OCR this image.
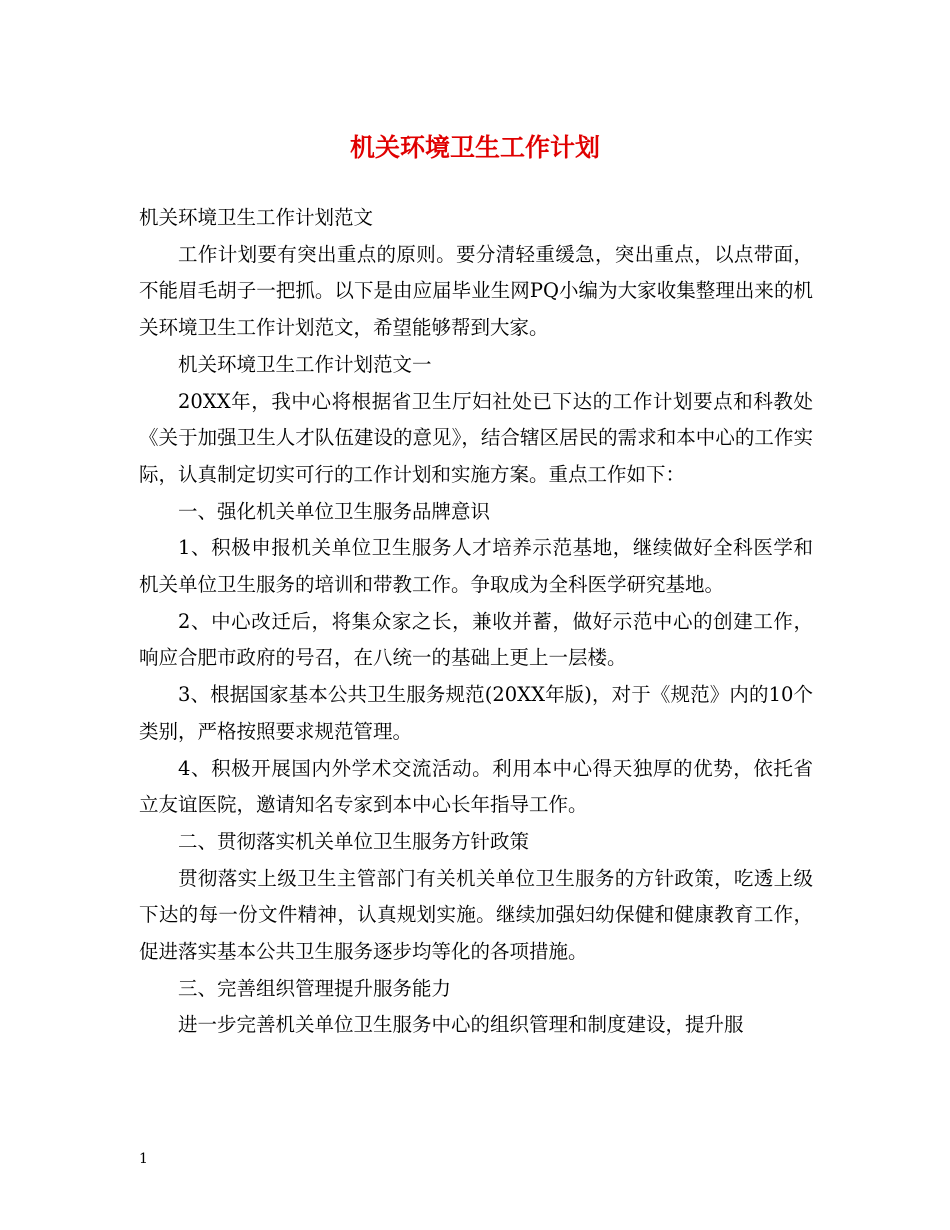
机关环境卫生工作计划

机关环境卫生工作计划范文

工作计划要有突出重点的原则。要分清轻重缓急，突出重点，以点带面，不能眉毛胡子一把抓。以下是由应届毕业生网PQ小编为大家收集整理出来的机关环境卫生工作计划范文，希望能够帮到大家。

机关环境卫生工作计划范文一

20XX年，我中心将根据省卫生厅妇社处已下达的工作计划要点和科教处《关于加强卫生人才队伍建设的意见》，结合辖区居民的需求和本中心的工作实际，认真制定切实可行的工作计划和实施方案。重点工作如下：

一、强化机关单位卫生服务品牌意识

1、积极申报机关单位卫生服务人才培养示范基地，继续做好全科医学和机关单位卫生服务的培训和带教工作。争取成为全科医学研究基地。

2、中心改迁后，将集众家之长，兼收并蓄，做好示范中心的创建工作，响应合肥市政府的号召，在八统一的基础上更上一层楼。

3、根据国家基本公共卫生服务规范(20XX年版)，对于《规范》内的10个类别，严格按照要求规范管理。

4、积极开展国内外学术交流活动。利用本中心得天独厚的优势，依托省立友谊医院，邀请知名专家到本中心长年指导工作。

二、贯彻落实机关单位卫生服务方针政策

贯彻落实上级卫生主管部门有关机关单位卫生服务的方针政策，吃透上级下达的每一份文件精神，认真规划实施。继续加强妇幼保健和健康教育工作，促进落实基本公共卫生服务逐步均等化的各项措施。

三、完善组织管理提升服务能力

进一步完善机关单位卫生服务中心的组织管理和制度建设，提升服

1
